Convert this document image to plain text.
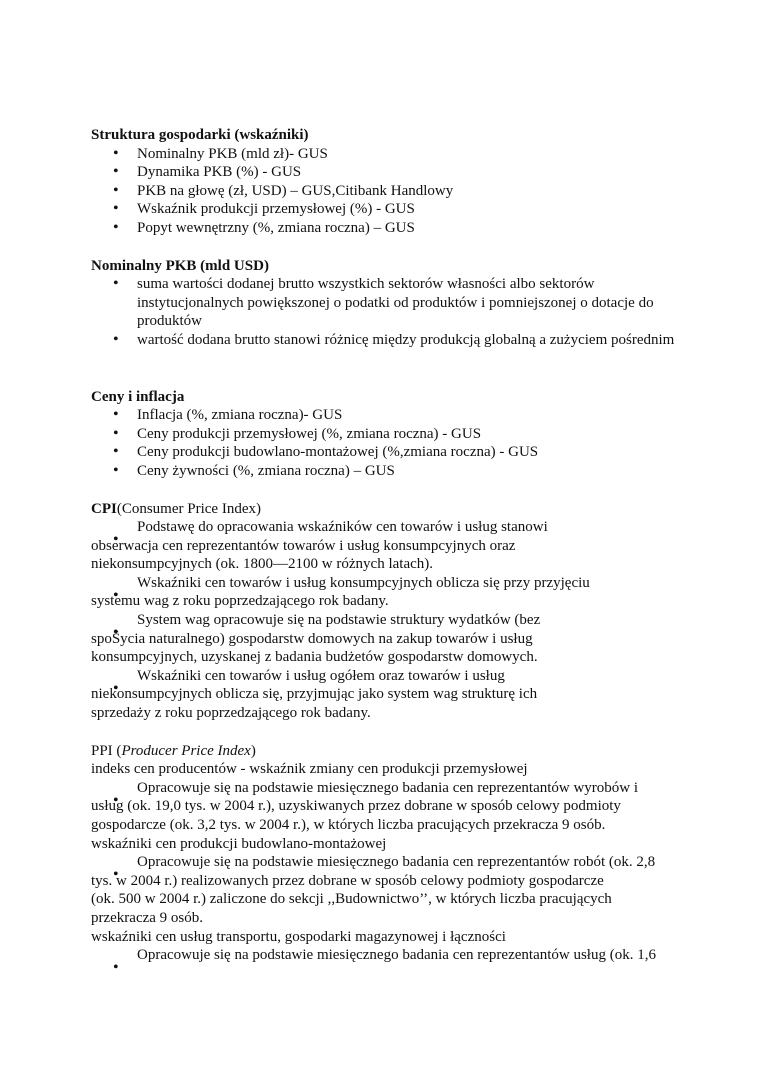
Struktura gospodarki (wskaźniki)

• Nominalny PKB (mld zł)- GUS
• Dynamika PKB (%) - GUS
• PKB na głowę (zł, USD) – GUS,Citibank Handlowy
• Wskaźnik produkcji przemysłowej (%) - GUS
• Popyt wewnętrzny (%, zmiana roczna) – GUS

Nominalny PKB (mld USD)

• suma wartości dodanej brutto wszystkich sektorów własności albo sektorów instytucjonalnych powiększonej o podatki od produktów i pomniejszonej o dotacje do produktów
• wartość dodana brutto stanowi różnicę między produkcją globalną a zużyciem pośrednim

Ceny i inflacja

• Inflacja (%, zmiana roczna)- GUS
• Ceny produkcji przemysłowej (%, zmiana roczna) - GUS
• Ceny produkcji budowlano-montażowej (%,zmiana roczna) - GUS
• Ceny żywności (%, zmiana roczna) – GUS

CPI(Consumer Price Index)

Podstawę do opracowania wskaźników cen towarów i usług stanowi
obserwacja cen reprezentantów towarów i usług konsumpcyjnych oraz
niekonsumpcyjnych (ok. 1800—2100 w różnych latach).
Wskaźniki cen towarów i usług konsumpcyjnych oblicza się przy przyjęciu
systemu wag z roku poprzedzającego rok badany.
System wag opracowuje się na podstawie struktury wydatków (bez
spoŜycia naturalnego) gospodarstw domowych na zakup towarów i usług
konsumpcyjnych, uzyskanej z badania budżetów gospodarstw domowych.
Wskaźniki cen towarów i usług ogółem oraz towarów i usług
niekonsumpcyjnych oblicza się, przyjmując jako system wag strukturę ich
sprzedaży z roku poprzedzającego rok badany.

PPI (Producer Price Index)

indeks cen producentów - wskaźnik zmiany cen produkcji przemysłowej
Opracowuje się na podstawie miesięcznego badania cen reprezentantów wyrobów i
usług (ok. 19,0 tys. w 2004 r.), uzyskiwanych przez dobrane w sposób celowy podmioty
gospodarcze (ok. 3,2 tys. w 2004 r.), w których liczba pracujących przekracza 9 osób.
wskaźniki cen produkcji budowlano-montażowej
Opracowuje się na podstawie miesięcznego badania cen reprezentantów robót (ok. 2,8
tys. w 2004 r.) realizowanych przez dobrane w sposób celowy podmioty gospodarcze
(ok. 500 w 2004 r.) zaliczone do sekcji ,,Budownictwo’’, w których liczba pracujących
przekracza 9 osób.
wskaźniki cen usług transportu, gospodarki magazynowej i łączności
Opracowuje się na podstawie miesięcznego badania cen reprezentantów usług (ok. 1,6
